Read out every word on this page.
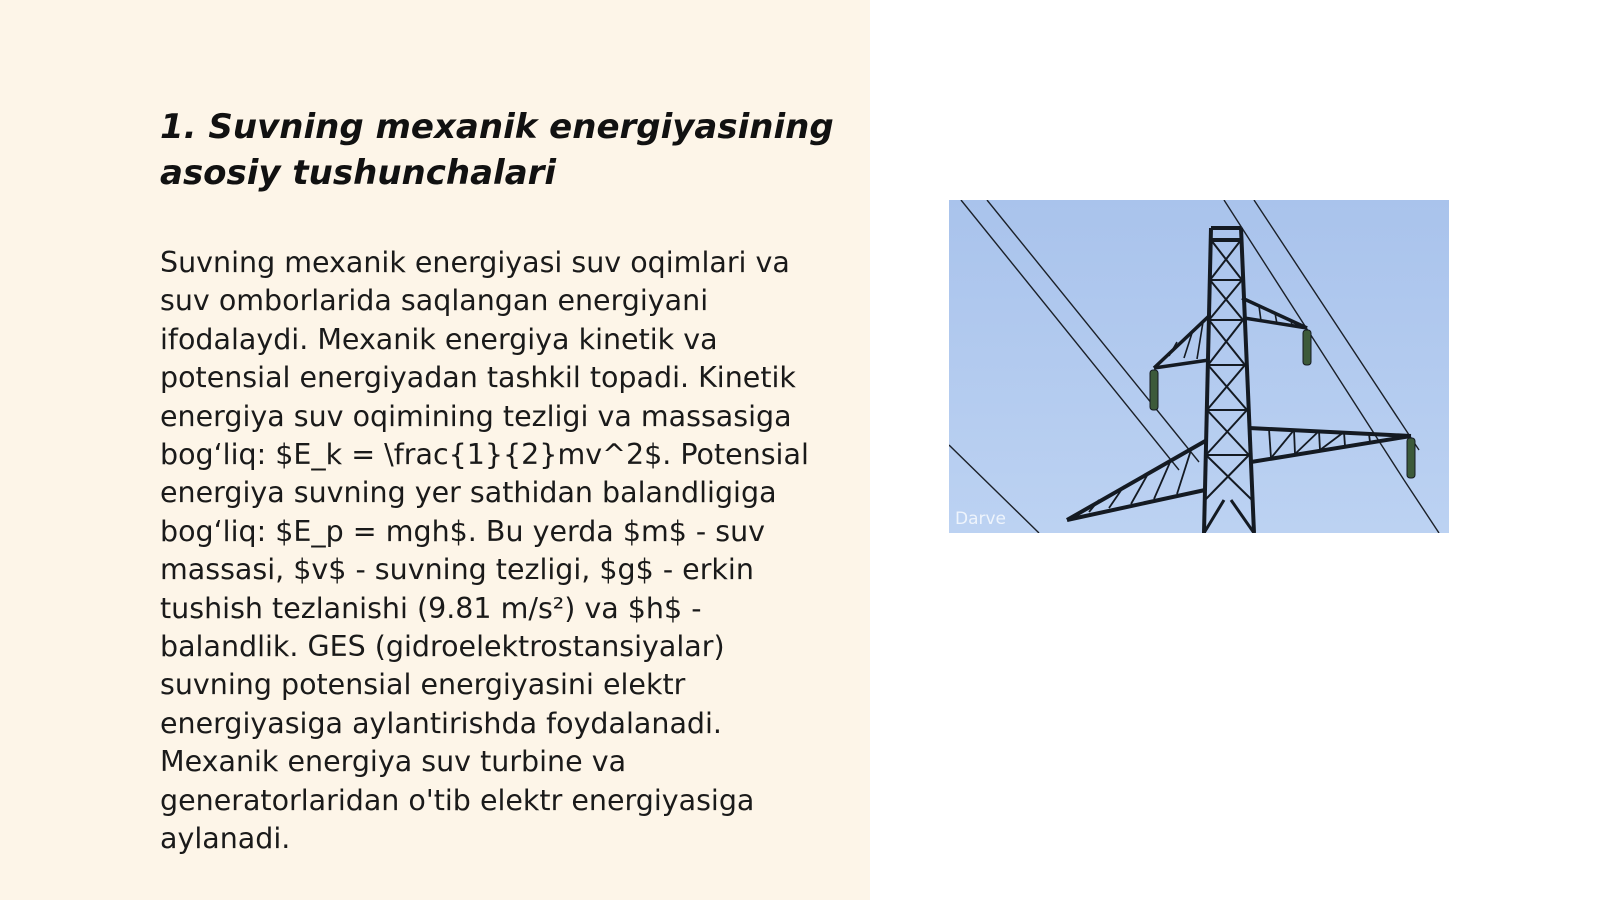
1. Suvning mexanik energiyasining asosiy tushunchalari

Suvning mexanik energiyasi suv oqimlari va suv omborlarida saqlangan energiyani ifodalaydi. Mexanik energiya kinetik va potensial energiyadan tashkil topadi. Kinetik energiya suv oqimining tezligi va massasiga bog‘liq: $E_k = \frac{1}{2}mv^2$. Potensial energiya suvning yer sathidan balandligiga bog‘liq: $E_p = mgh$. Bu yerda $m$ - suv massasi, $v$ - suvning tezligi, $g$ - erkin tushish tezlanishi (9.81 m/s²) va $h$ - balandlik. GES (gidroelektrostansiyalar) suvning potensial energiyasini elektr energiyasiga aylantirishda foydalanadi. Mexanik energiya suv turbine va generatorlaridan o'tib elektr energiyasiga aylanadi.

Darve
